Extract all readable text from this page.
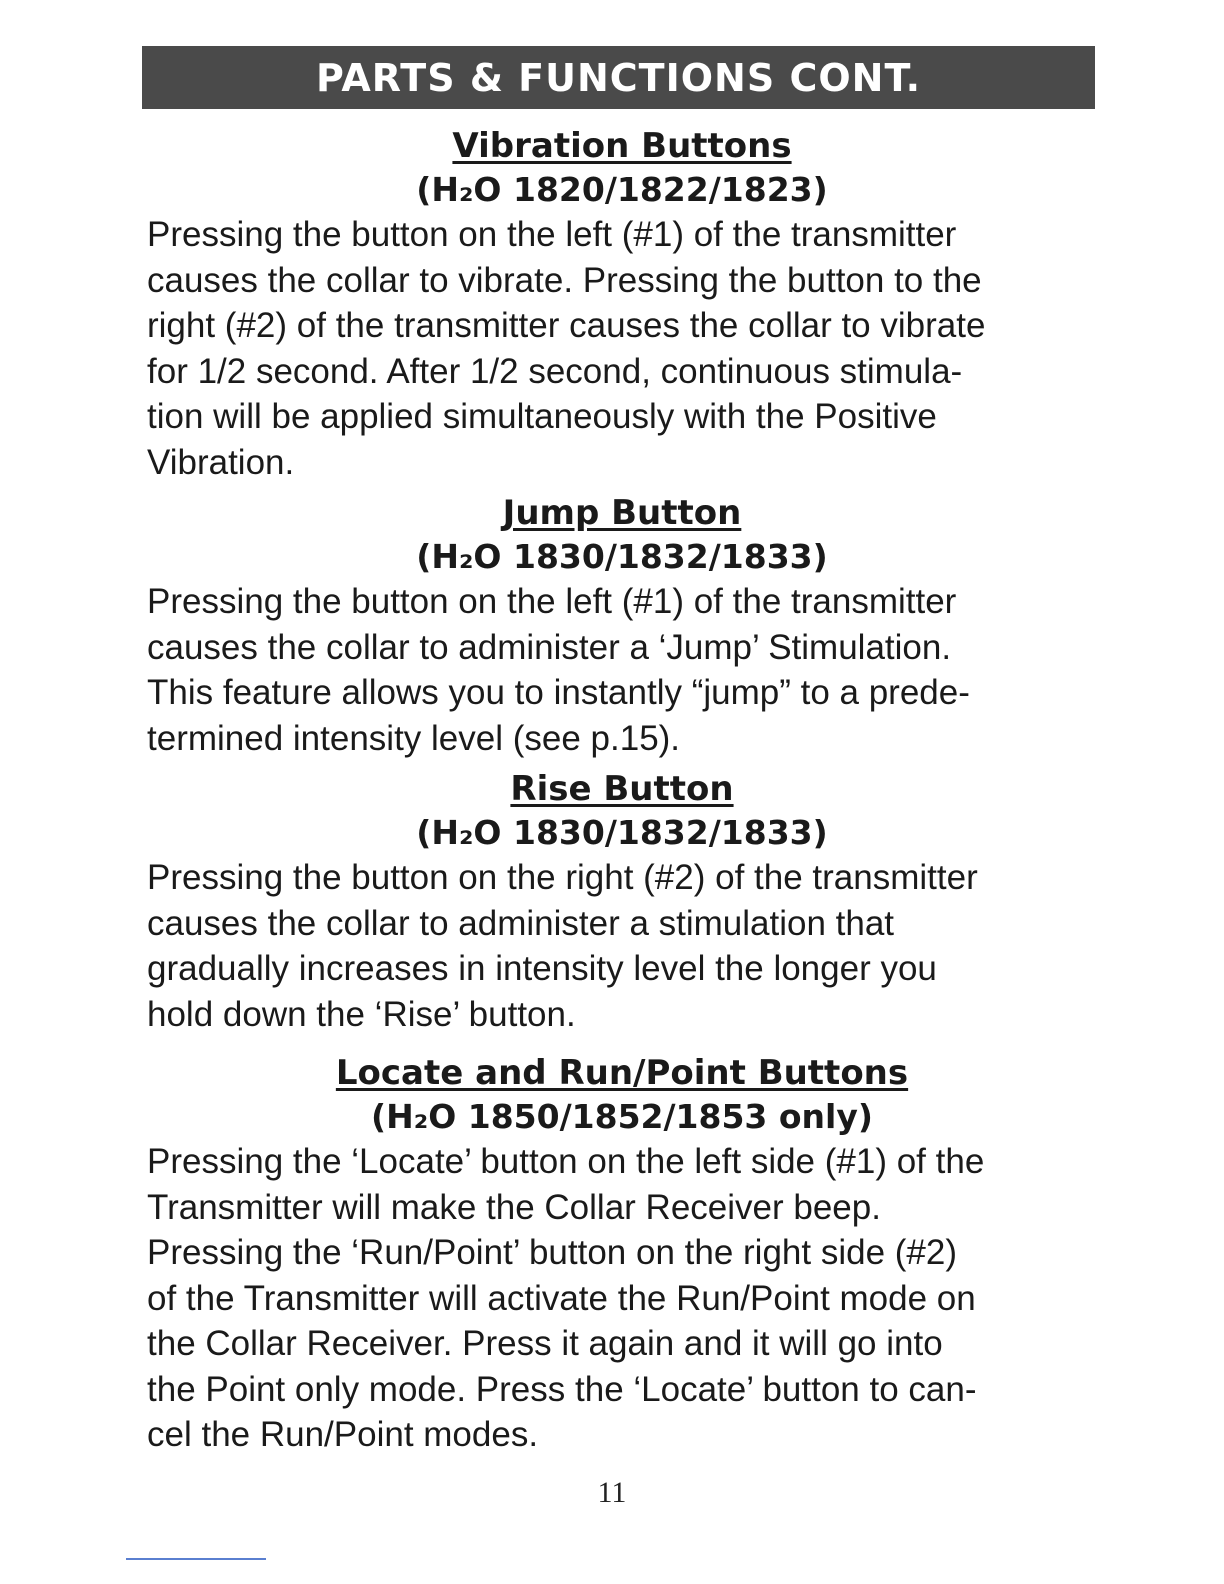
PARTS & FUNCTIONS CONT.

Vibration Buttons

(H₂O 1820/1822/1823)

Pressing the button on the left (#1) of the transmitter

causes the collar to vibrate. Pressing the button to the

right (#2) of the transmitter causes the collar to vibrate

for 1/2 second. After 1/2 second, continuous stimula-

tion will be applied simultaneously with the Positive

Vibration.

Jump Button

(H₂O 1830/1832/1833)

Pressing the button on the left (#1) of the transmitter

causes the collar to administer a ‘Jump’ Stimulation.

This feature allows you to instantly “jump” to a prede-

termined intensity level (see p.15).

Rise Button

(H₂O 1830/1832/1833)

Pressing the button on the right (#2) of the transmitter

causes the collar to administer a stimulation that

gradually increases in intensity level the longer you

hold down the ‘Rise’ button.

Locate and Run/Point Buttons

(H₂O 1850/1852/1853 only)

Pressing the ‘Locate’ button on the left side (#1) of the

Transmitter will make the Collar Receiver beep.

Pressing the ‘Run/Point’ button on the right side (#2)

of the Transmitter will activate the Run/Point mode on

the Collar Receiver. Press it again and it will go into

the Point only mode. Press the ‘Locate’ button to can-

cel the Run/Point modes.

11
